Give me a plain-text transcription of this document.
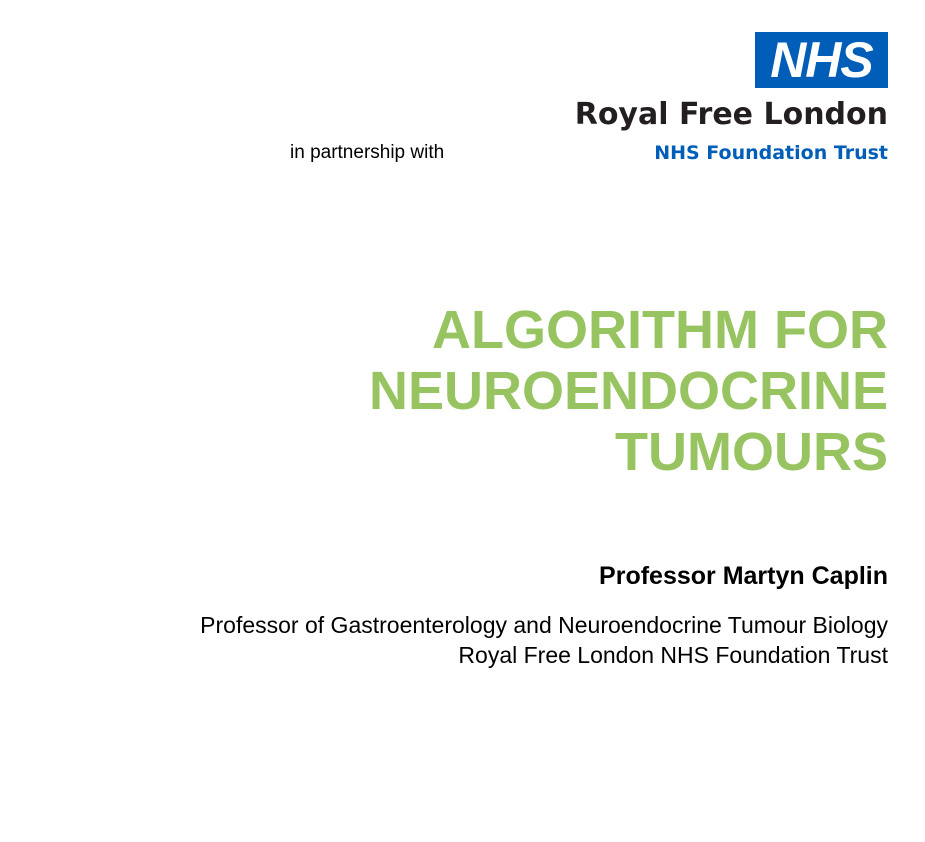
NHS
Royal Free London
NHS Foundation Trust
in partnership with
ALGORITHM FOR
NEUROENDOCRINE
TUMOURS
Professor Martyn Caplin
Professor of Gastroenterology and Neuroendocrine Tumour Biology
Royal Free London NHS Foundation Trust
